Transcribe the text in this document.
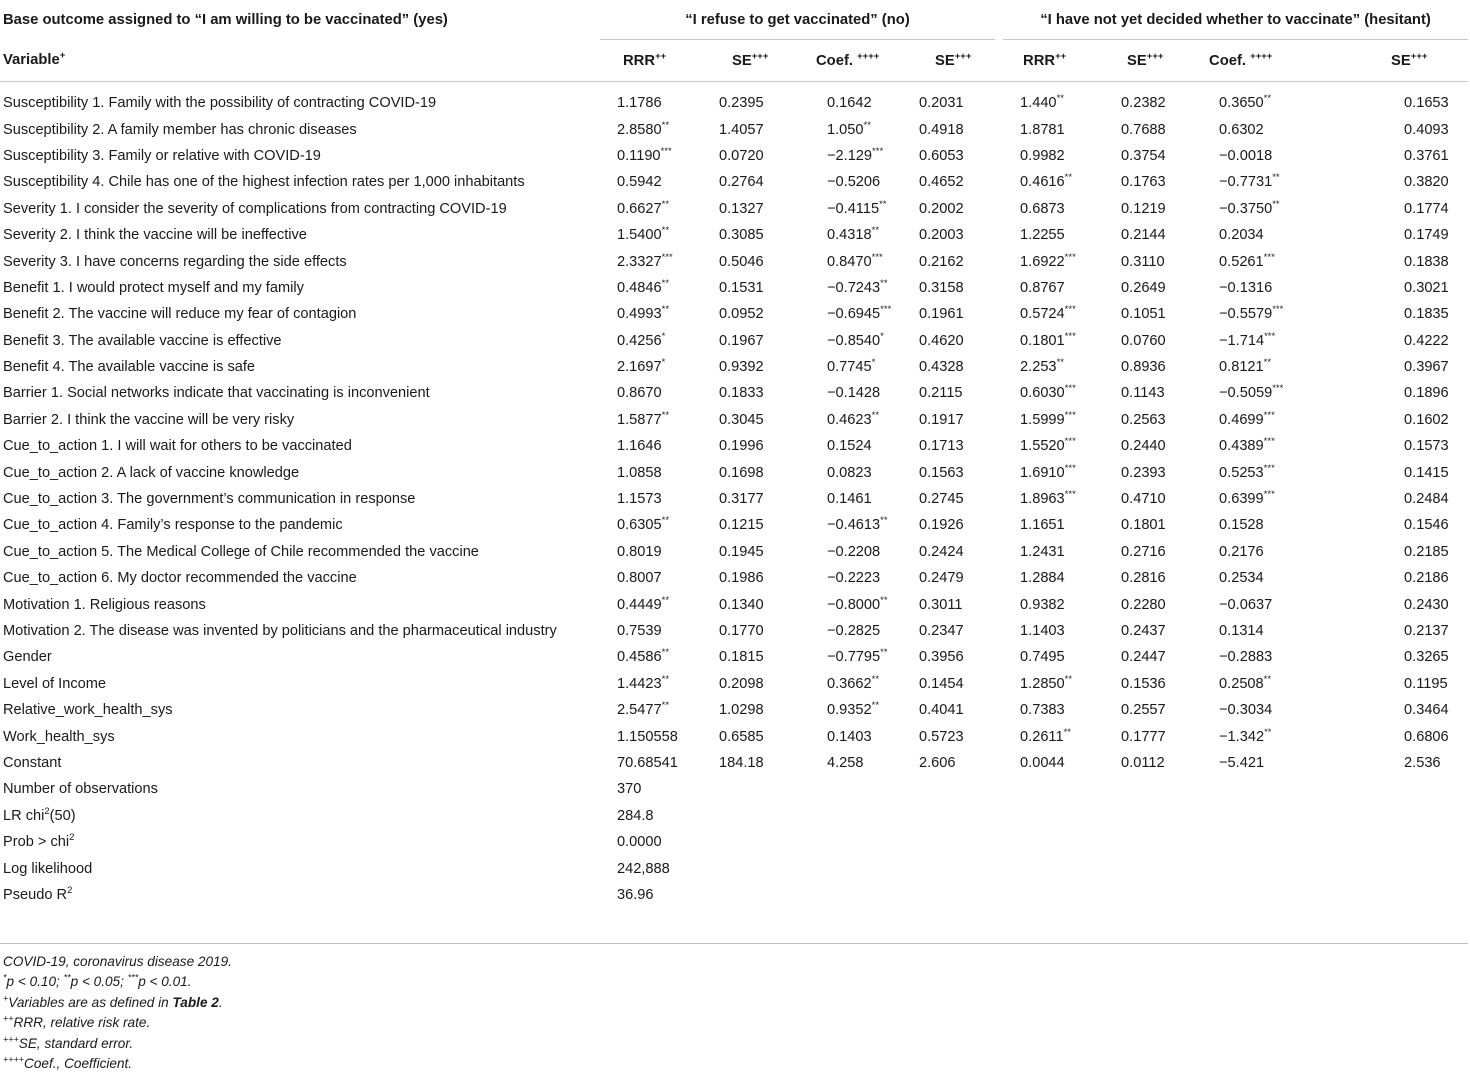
Base outcome assigned to “I am willing to be vaccinated” (yes)	“I refuse to get vaccinated” (no)					“I have not yet decided whether to vaccinate” (hesitant)			
Variable+	RRR++	SE+++	Coef. ++++	SE+++		RRR++	SE+++	Coef. ++++	SE+++
Susceptibility 1. Family with the possibility of contracting COVID-19	1.1786	0.2395	0.1642	0.2031		1.440**	0.2382	0.3650**	0.1653
Susceptibility 2. A family member has chronic diseases	2.8580**	1.4057	1.050**	0.4918		1.8781	0.7688	0.6302	0.4093
Susceptibility 3. Family or relative with COVID-19	0.1190***	0.0720	−2.129***	0.6053		0.9982	0.3754	−0.0018	0.3761
Susceptibility 4. Chile has one of the highest infection rates per 1,000 inhabitants	0.5942	0.2764	−0.5206	0.4652		0.4616**	0.1763	−0.7731**	0.3820
Severity 1. I consider the severity of complications from contracting COVID-19	0.6627**	0.1327	−0.4115**	0.2002		0.6873	0.1219	−0.3750**	0.1774
Severity 2. I think the vaccine will be ineffective	1.5400**	0.3085	0.4318**	0.2003		1.2255	0.2144	0.2034	0.1749
Severity 3. I have concerns regarding the side effects	2.3327***	0.5046	0.8470***	0.2162		1.6922***	0.3110	0.5261***	0.1838
Benefit 1. I would protect myself and my family	0.4846**	0.1531	−0.7243**	0.3158		0.8767	0.2649	−0.1316	0.3021
Benefit 2. The vaccine will reduce my fear of contagion	0.4993**	0.0952	−0.6945***	0.1961		0.5724***	0.1051	−0.5579***	0.1835
Benefit 3. The available vaccine is effective	0.4256*	0.1967	−0.8540*	0.4620		0.1801***	0.0760	−1.714***	0.4222
Benefit 4. The available vaccine is safe	2.1697*	0.9392	0.7745*	0.4328		2.253**	0.8936	0.8121**	0.3967
Barrier 1. Social networks indicate that vaccinating is inconvenient	0.8670	0.1833	−0.1428	0.2115		0.6030***	0.1143	−0.5059***	0.1896
Barrier 2. I think the vaccine will be very risky	1.5877**	0.3045	0.4623**	0.1917		1.5999***	0.2563	0.4699***	0.1602
Cue_to_action 1. I will wait for others to be vaccinated	1.1646	0.1996	0.1524	0.1713		1.5520***	0.2440	0.4389***	0.1573
Cue_to_action 2. A lack of vaccine knowledge	1.0858	0.1698	0.0823	0.1563		1.6910***	0.2393	0.5253***	0.1415
Cue_to_action 3. The government’s communication in response	1.1573	0.3177	0.1461	0.2745		1.8963***	0.4710	0.6399***	0.2484
Cue_to_action 4. Family’s response to the pandemic	0.6305**	0.1215	−0.4613**	0.1926		1.1651	0.1801	0.1528	0.1546
Cue_to_action 5. The Medical College of Chile recommended the vaccine	0.8019	0.1945	−0.2208	0.2424		1.2431	0.2716	0.2176	0.2185
Cue_to_action 6. My doctor recommended the vaccine	0.8007	0.1986	−0.2223	0.2479		1.2884	0.2816	0.2534	0.2186
Motivation 1. Religious reasons	0.4449**	0.1340	−0.8000**	0.3011		0.9382	0.2280	−0.0637	0.2430
Motivation 2. The disease was invented by politicians and the pharmaceutical industry	0.7539	0.1770	−0.2825	0.2347		1.1403	0.2437	0.1314	0.2137
Gender	0.4586**	0.1815	−0.7795**	0.3956		0.7495	0.2447	−0.2883	0.3265
Level of Income	1.4423**	0.2098	0.3662**	0.1454		1.2850**	0.1536	0.2508**	0.1195
Relative_work_health_sys	2.5477**	1.0298	0.9352**	0.4041		0.7383	0.2557	−0.3034	0.3464
Work_health_sys	1.150558	0.6585	0.1403	0.5723		0.2611**	0.1777	−1.342**	0.6806
Constant	70.68541	184.18	4.258	2.606		0.0044	0.0112	−5.421	2.536
Number of observations	370								
LR chi$^2$(50)	284.8								
Prob > chi$^2$	0.0000								
Log likelihood	242,888								
Pseudo $R^2$	36.96								
COVID-19, coronavirus disease 2019.
*p < 0.10; **p < 0.05; ***p < 0.01.
+Variables are as defined in Table 2.
++RRR, relative risk rate.
+++SE, standard error.
++++Coef., Coefficient.
